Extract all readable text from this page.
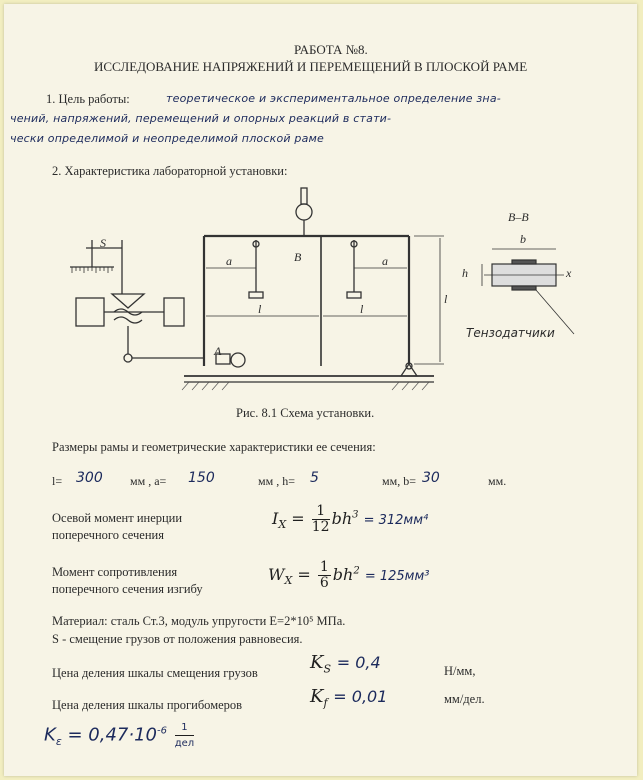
РАБОТА №8.
ИССЛЕДОВАНИЕ НАПРЯЖЕНИЙ И ПЕРЕМЕЩЕНИЙ В ПЛОСКОЙ РАМЕ
1. Цель работы:	теоретическое и экспериментальное определение зна-
чений, напряжений, перемещений и опорных реакций в стати-
чески определимой и неопределимой плоской раме
2. Характеристика лабораторной установки:
S
B
a	a
l	l
l
A
B–B
b
h	x
Тензодатчики
Рис. 8.1 Схема установки.
Размеры рамы и геометрические характеристики ее сечения:
l= 300 мм , a= 150	мм , h= 5	мм, b= 30	мм.
Осевой момент инерции
поперечного сечения
$I_X = \frac{1}{12} bh^3 = 312мм^4$
Момент сопротивления
поперечного сечения изгибу
$W_X = \frac{1}{6} bh^2 = 125мм^3$
Материал: сталь Ст.3, модуль упругости E=2*10⁵ МПа.
S - смещение грузов от положения равновесия.
Цена деления шкалы смещения грузов	$K_S = 0,4$	Н/мм,
Цена деления шкалы прогибомеров	$K_f = 0,01$	мм/дел.
$K_\varepsilon = 0,47\cdot 10^{-6} \frac{1}{\text{дел}}$
